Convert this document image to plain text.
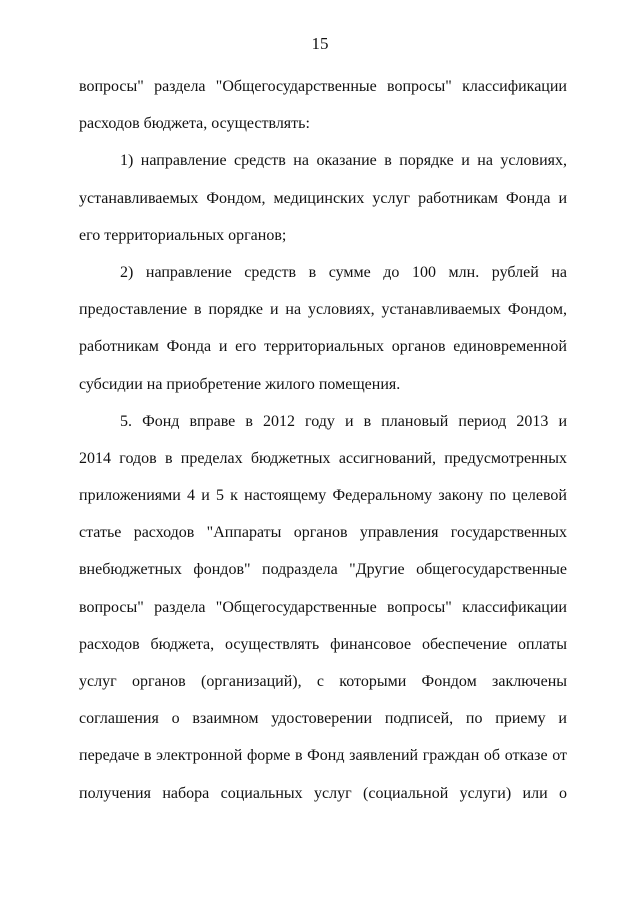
15
вопросы" раздела "Общегосударственные вопросы" классификации
расходов бюджета, осуществлять:
1) направление средств на оказание в порядке и на условиях,
устанавливаемых Фондом, медицинских услуг работникам Фонда и
его территориальных органов;
2) направление средств в сумме до 100 млн. рублей на
предоставление в порядке и на условиях, устанавливаемых Фондом,
работникам Фонда и его территориальных органов единовременной
субсидии на приобретение жилого помещения.
5. Фонд вправе в 2012 году и в плановый период 2013 и
2014 годов в пределах бюджетных ассигнований, предусмотренных
приложениями 4 и 5 к настоящему Федеральному закону по целевой
статье расходов "Аппараты органов управления государственных
внебюджетных фондов" подраздела "Другие общегосударственные
вопросы" раздела "Общегосударственные вопросы" классификации
расходов бюджета, осуществлять финансовое обеспечение оплаты
услуг органов (организаций), с которыми Фондом заключены
соглашения о взаимном удостоверении подписей, по приему и
передаче в электронной форме в Фонд заявлений граждан об отказе от
получения набора социальных услуг (социальной услуги) или о
